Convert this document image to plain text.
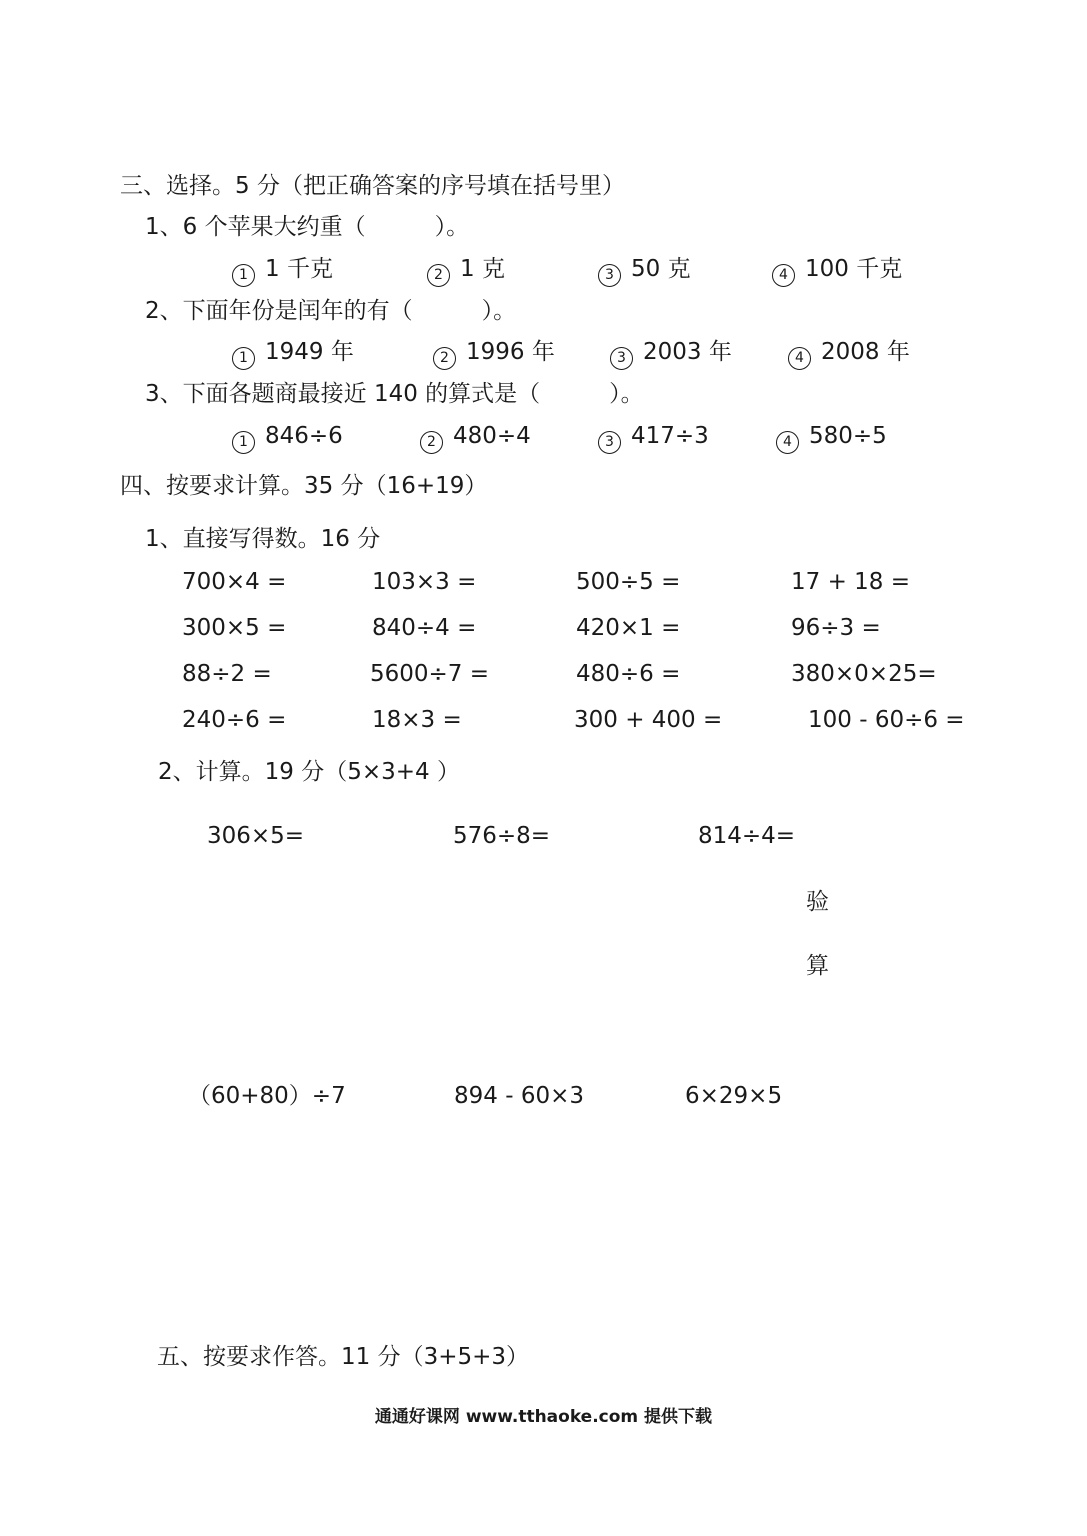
三、选择。5 分（把正确答案的序号填在括号里）
1、6 个苹果大约重（　　　）。
1 1 千克	2 1 克	3 50 克	4 100 千克
2、下面年份是闰年的有（　　　）。
1 1949 年	2 1996 年	3 2003 年	4 2008 年
3、下面各题商最接近 140 的算式是（　　　）。
1 846÷6	2 480÷4	3 417÷3	4 580÷5
四、按要求计算。35 分（16+19）
1、直接写得数。16 分
700×4 =	103×3 =	500÷5 =	17 + 18 =
300×5 =	840÷4 =	420×1 =	96÷3 =
88÷2 =	5600÷7 =	480÷6 =	380×0×25=
240÷6 =	18×3 =	300 + 400 =	100 - 60÷6 =
2、计算。19 分（5×3+4 ）
306×5=	576÷8=	814÷4=
验
算
（60+80）÷7	894 - 60×3	6×29×5
五、按要求作答。11 分（3+5+3）
通通好课网 www.tthaoke.com 提供下载
